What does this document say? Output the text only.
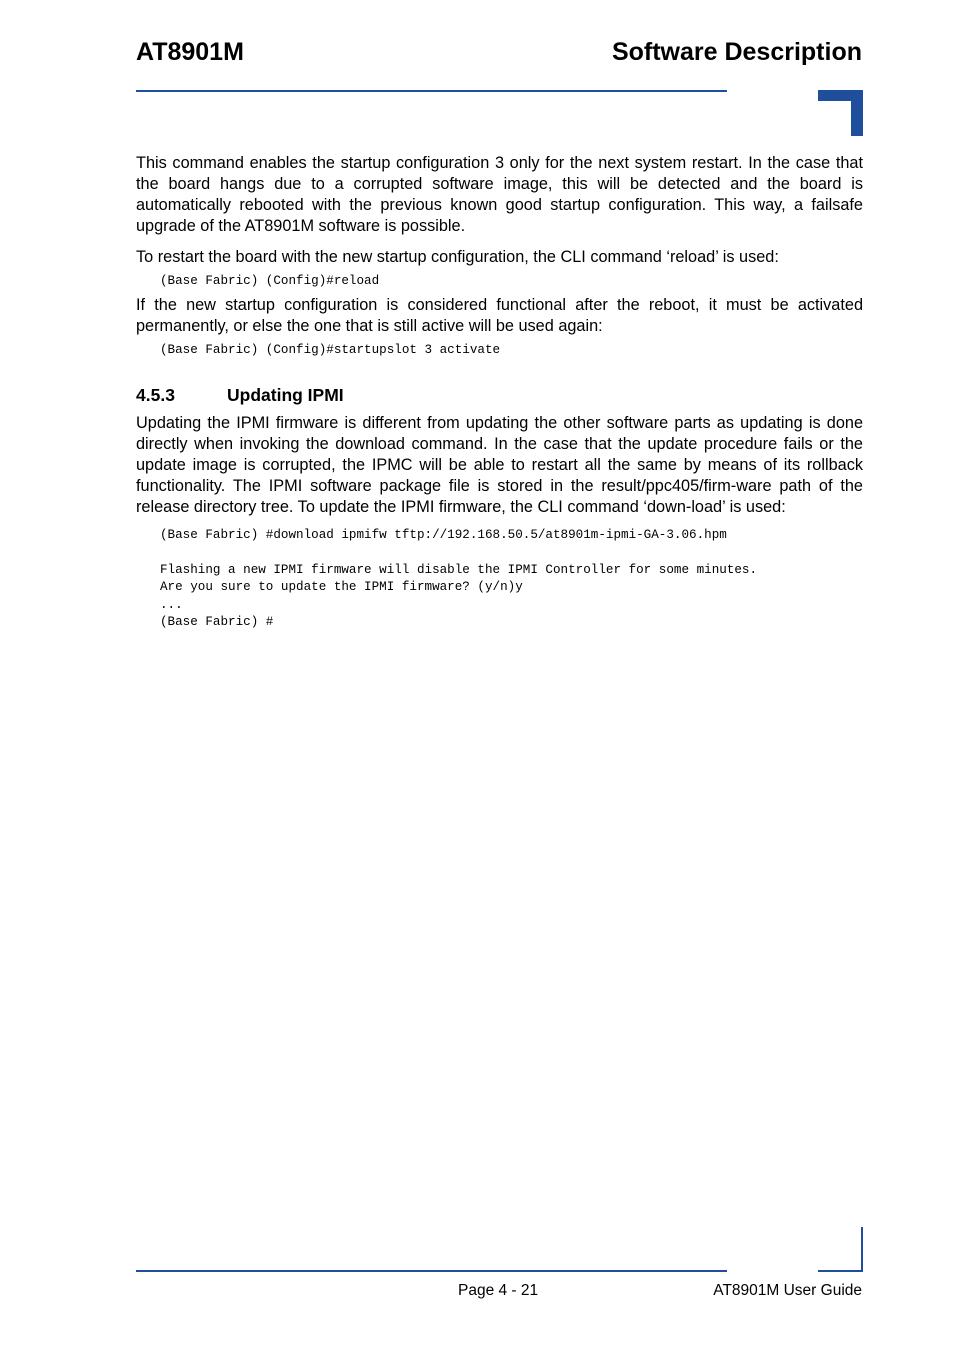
AT8901M	Software Description

This command enables the startup configuration 3 only for the next system restart. In the case that the board hangs due to a corrupted software image, this will be detected and the board is automatically rebooted with the previous known good startup configuration. This way, a failsafe upgrade of the AT8901M software is possible.

To restart the board with the new startup configuration, the CLI command ‘reload’ is used:

(Base Fabric) (Config)#reload

If the new startup configuration is considered functional after the reboot, it must be activated permanently, or else the one that is still active will be used again:

(Base Fabric) (Config)#startupslot 3 activate
4.5.3	Updating IPMI

Updating the IPMI firmware is different from updating the other software parts as updating is done directly when invoking the download command. In the case that the update procedure fails or the update image is corrupted, the IPMC will be able to restart all the same by means of its rollback functionality. The IPMI software package file is stored in the result/ppc405/firm-ware path of the release directory tree. To update the IPMI firmware, the CLI command ‘down-load’ is used:

(Base Fabric) #download ipmifw tftp://192.168.50.5/at8901m-ipmi-GA-3.06.hpm
Flashing a new IPMI firmware will disable the IPMI Controller for some minutes.
Are you sure to update the IPMI firmware? (y/n)y
...
(Base Fabric) #
Page 4 - 21	AT8901M User Guide
